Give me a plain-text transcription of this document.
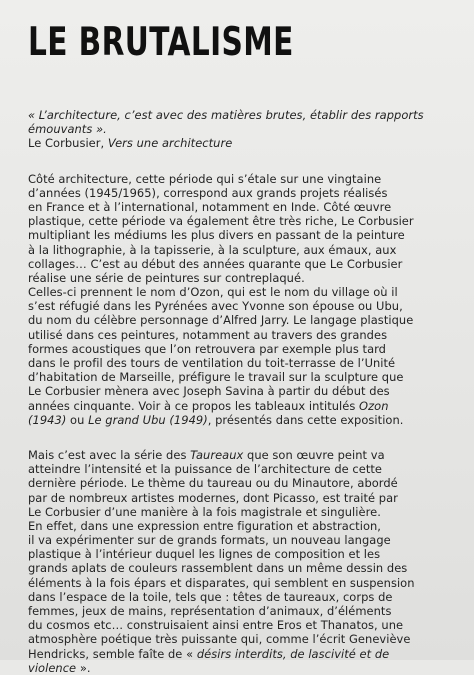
LE BRUTALISME
« L’architecture, c’est avec des matières brutes, établir des rapports
émouvants ».
Le Corbusier, Vers une architecture
Côté architecture, cette période qui s’étale sur une vingtaine
d’années (1945/1965), correspond aux grands projets réalisés
en France et à l’international, notamment en Inde. Côté œuvre
plastique, cette période va également être très riche, Le Corbusier
multipliant les médiums les plus divers en passant de la peinture
à la lithographie, à la tapisserie, à la sculpture, aux émaux, aux
collages… C’est au début des années quarante que Le Corbusier
réalise une série de peintures sur contreplaqué.
Celles-ci prennent le nom d’Ozon, qui est le nom du village où il
s’est réfugié dans les Pyrénées avec Yvonne son épouse ou Ubu,
du nom du célèbre personnage d’Alfred Jarry. Le langage plastique
utilisé dans ces peintures, notamment au travers des grandes
formes acoustiques que l’on retrouvera par exemple plus tard
dans le profil des tours de ventilation du toit-terrasse de l’Unité
d’habitation de Marseille, préfigure le travail sur la sculpture que
Le Corbusier mènera avec Joseph Savina à partir du début des
années cinquante. Voir à ce propos les tableaux intitulés Ozon
(1943) ou Le grand Ubu (1949), présentés dans cette exposition.
Mais c’est avec la série des Taureaux que son œuvre peint va
atteindre l’intensité et la puissance de l’architecture de cette
dernière période. Le thème du taureau ou du Minautore, abordé
par de nombreux artistes modernes, dont Picasso, est traité par
Le Corbusier d’une manière à la fois magistrale et singulière.
En effet, dans une expression entre figuration et abstraction,
il va expérimenter sur de grands formats, un nouveau langage
plastique à l’intérieur duquel les lignes de composition et les
grands aplats de couleurs rassemblent dans un même dessin des
éléments à la fois épars et disparates, qui semblent en suspension
dans l’espace de la toile, tels que : têtes de taureaux, corps de
femmes, jeux de mains, représentation d’animaux, d’éléments
du cosmos etc… construisaient ainsi entre Eros et Thanatos, une
atmosphère poétique très puissante qui, comme l’écrit Geneviève
Hendricks, semble faîte de « désirs interdits, de lascivité et de
violence ».
